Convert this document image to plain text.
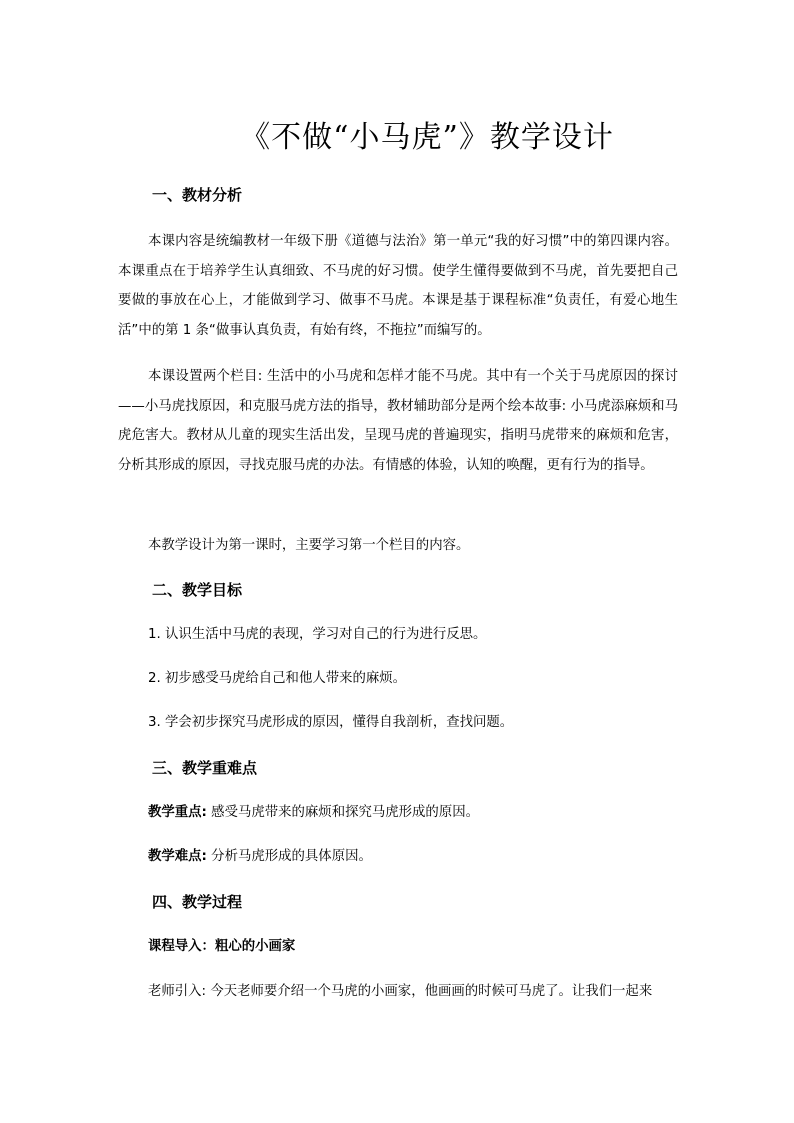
《不做“小马虎”》教学设计
一、教材分析

本课内容是统编教材一年级下册《道德与法治》第一单元“我的好习惯”中的第四课内容。本课重点在于培养学生认真细致、不马虎的好习惯。使学生懂得要做到不马虎，首先要把自己要做的事放在心上，才能做到学习、做事不马虎。本课是基于课程标准“负责任，有爱心地生活”中的第 1 条“做事认真负责，有始有终，不拖拉”而编写的。

本课设置两个栏目: 生活中的小马虎和怎样才能不马虎。其中有一个关于马虎原因的探讨——小马虎找原因，和克服马虎方法的指导，教材辅助部分是两个绘本故事: 小马虎添麻烦和马虎危害大。教材从儿童的现实生活出发，呈现马虎的普遍现实，指明马虎带来的麻烦和危害，分析其形成的原因，寻找克服马虎的办法。有情感的体验，认知的唤醒，更有行为的指导。

本教学设计为第一课时，主要学习第一个栏目的内容。

二、教学目标
1. 认识生活中马虎的表现，学习对自己的行为进行反思。
2. 初步感受马虎给自己和他人带来的麻烦。
3. 学会初步探究马虎形成的原因，懂得自我剖析，查找问题。
三、教学重难点
教学重点: 感受马虎带来的麻烦和探究马虎形成的原因。
教学难点: 分析马虎形成的具体原因。
四、教学过程
课程导入：粗心的小画家
老师引入: 今天老师要介绍一个马虎的小画家，他画画的时候可马虎了。让我们一起来
